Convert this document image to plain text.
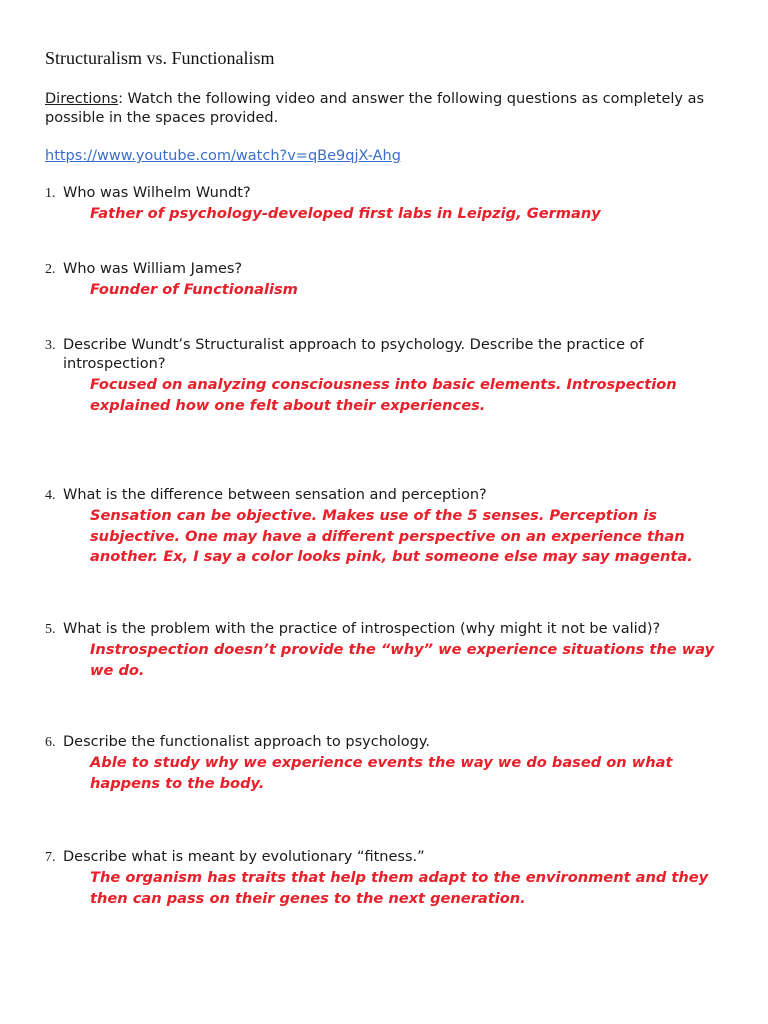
Structuralism vs. Functionalism
Directions: Watch the following video and answer the following questions as completely as possible in the spaces provided.
https://www.youtube.com/watch?v=qBe9qjX-Ahg
1. Who was Wilhelm Wundt?
Father of psychology-developed first labs in Leipzig, Germany
2. Who was William James?
Founder of Functionalism
3. Describe Wundt’s Structuralist approach to psychology. Describe the practice of introspection?
Focused on analyzing consciousness into basic elements. Introspection explained how one felt about their experiences.
4. What is the difference between sensation and perception?
Sensation can be objective. Makes use of the 5 senses. Perception is subjective. One may have a different perspective on an experience than another. Ex, I say a color looks pink, but someone else may say magenta.
5. What is the problem with the practice of introspection (why might it not be valid)?
Instrospection doesn’t provide the “why” we experience situations the way we do.
6. Describe the functionalist approach to psychology.
Able to study why we experience events the way we do based on what happens to the body.
7. Describe what is meant by evolutionary “fitness.”
The organism has traits that help them adapt to the environment and they then can pass on their genes to the next generation.
